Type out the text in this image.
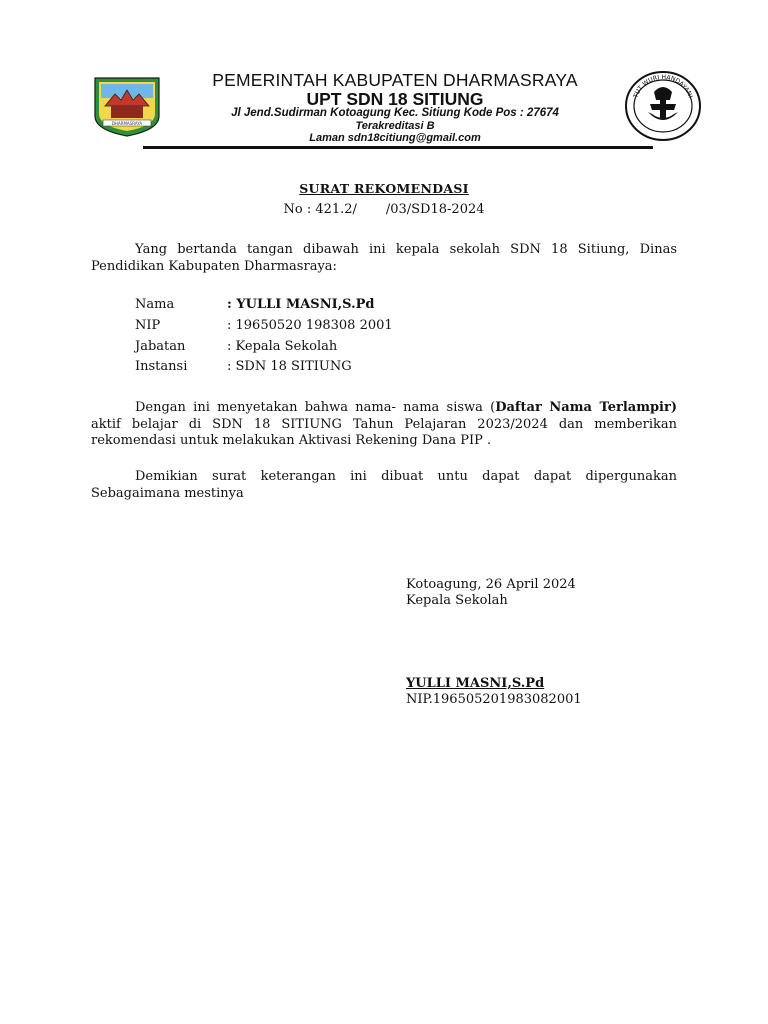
DHARMASRAYA
PEMERINTAH KABUPATEN DHARMASRAYA
UPT SDN 18 SITIUNG
Jl Jend.Sudirman Kotoagung Kec. Sitiung Kode Pos : 27674
Terakreditasi B
Laman sdn18citiung@gmail.com
TUT WURI HANDAYANI
SURAT REKOMENDASI
No : 421.2/       /03/SD18-2024

Yang bertanda tangan dibawah ini kepala sekolah SDN 18 Sitiung, Dinas Pendidikan Kabupaten Dharmasraya:

Nama	: YULLI MASNI,S.Pd
NIP	: 19650520 198308 2001
Jabatan	: Kepala Sekolah
Instansi	: SDN 18 SITIUNG

Dengan ini menyetakan bahwa nama- nama siswa (Daftar Nama Terlampir) aktif belajar di SDN 18 SITIUNG Tahun Pelajaran 2023/2024 dan memberikan rekomendasi untuk melakukan Aktivasi Rekening Dana PIP .

Demikian surat keterangan ini dibuat untu dapat dapat dipergunakan Sebagaimana mestinya

Kotoagung, 26 April 2024
Kepala Sekolah
YULLI MASNI,S.Pd
NIP.196505201983082001
